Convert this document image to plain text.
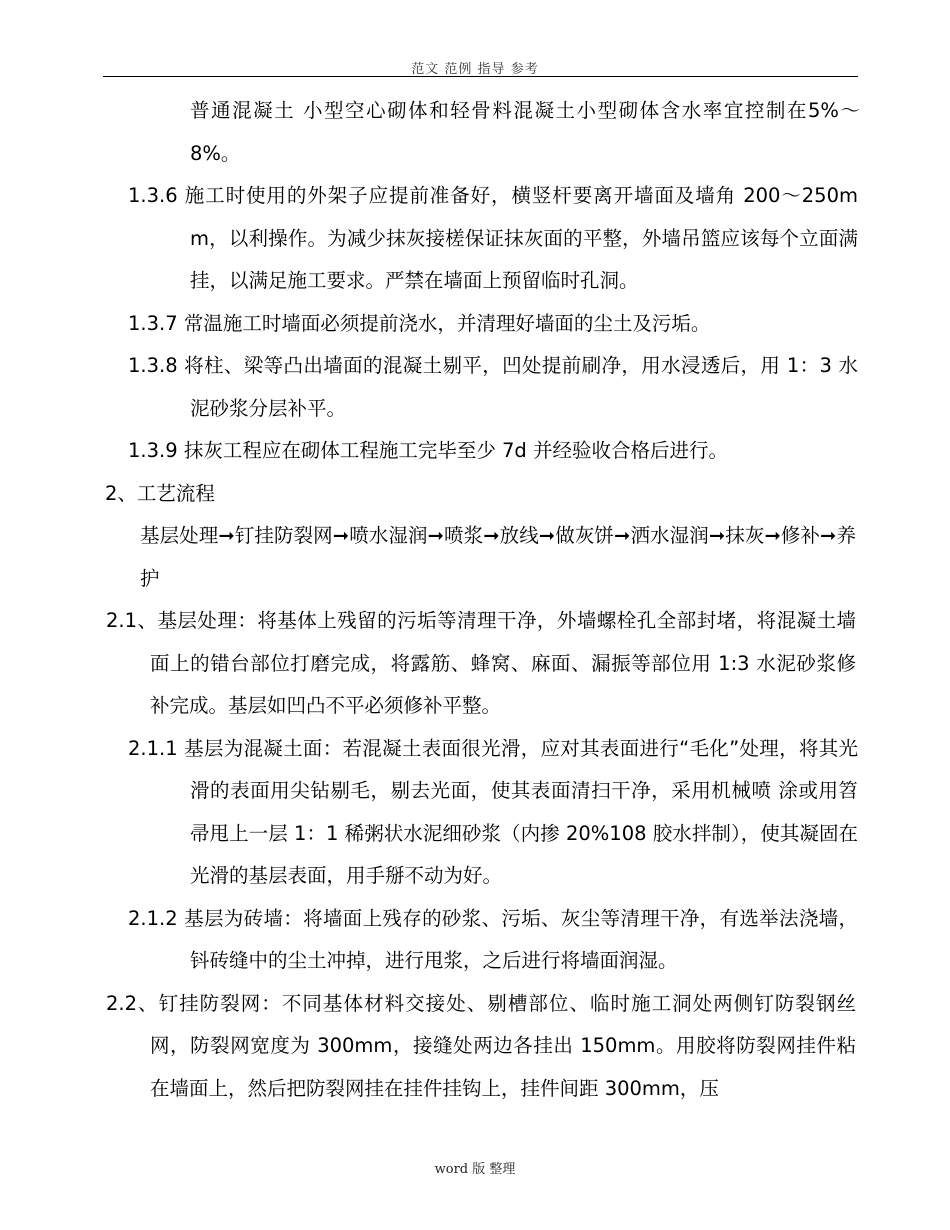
范文 范例 指导 参考

普通混凝土 小型空心砌体和轻骨料混凝土小型砌体含水率宜控制在5%～8%。

1.3.6 施工时使用的外架子应提前准备好，横竖杆要离开墙面及墙角 200～250mm，以利操作。为减少抹灰接槎保证抹灰面的平整，外墙吊篮应该每个立面满挂，以满足施工要求。严禁在墙面上预留临时孔洞。

1.3.7 常温施工时墙面必须提前浇水，并清理好墙面的尘土及污垢。

1.3.8 将柱、梁等凸出墙面的混凝土剔平，凹处提前刷净，用水浸透后，用 1：3 水泥砂浆分层补平。

1.3.9 抹灰工程应在砌体工程施工完毕至少 7d 并经验收合格后进行。

2、工艺流程

基层处理➞钉挂防裂网➞喷水湿润➞喷浆➞放线➞做灰饼➞洒水湿润➞抹灰➞修补➞养护

2.1、基层处理：将基体上残留的污垢等清理干净，外墙螺栓孔全部封堵，将混凝土墙面上的错台部位打磨完成，将露筋、蜂窝、麻面、漏振等部位用 1:3 水泥砂浆修补完成。基层如凹凸不平必须修补平整。

2.1.1 基层为混凝土面：若混凝土表面很光滑，应对其表面进行“毛化”处理，将其光滑的表面用尖钻剔毛，剔去光面，使其表面清扫干净，采用机械喷 涂或用笤帚甩上一层 1：1 稀粥状水泥细砂浆（内掺 20%108 胶水拌制），使其凝固在光滑的基层表面，用手掰不动为好。

2.1.2 基层为砖墙：将墙面上残存的砂浆、污垢、灰尘等清理干净，有选举法浇墙，钭砖缝中的尘土冲掉，进行甩浆，之后进行将墙面润湿。

2.2、钉挂防裂网：不同基体材料交接处、剔槽部位、临时施工洞处两侧钉防裂钢丝网，防裂网宽度为 300mm，接缝处两边各挂出 150mm。用胶将防裂网挂件粘在墙面上，然后把防裂网挂在挂件挂钩上，挂件间距 300mm，压

word 版 整理
